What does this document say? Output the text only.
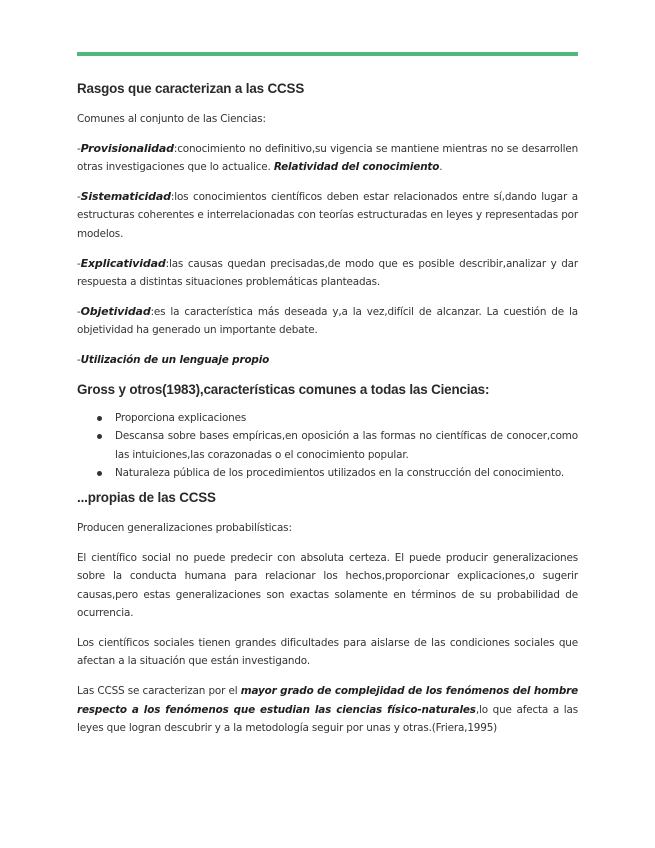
Rasgos que caracterizan a las CCSS

Comunes al conjunto de las Ciencias:

-Provisionalidad:conocimiento no definitivo,su vigencia se mantiene mientras no se desarrollen otras investigaciones que lo actualice. Relatividad del conocimiento.

-Sistematicidad:los conocimientos científicos deben estar relacionados entre sí,dando lugar a estructuras coherentes e interrelacionadas con teorías estructuradas en leyes y representadas por modelos.

-Explicatividad:las causas quedan precisadas,de modo que es posible describir,analizar y dar respuesta a distintas situaciones problemáticas planteadas.

-Objetividad:es la característica más deseada y,a la vez,difícil de alcanzar. La cuestión de la objetividad ha generado un importante debate.

-Utilización de un lenguaje propio

Gross y otros(1983),características comunes a todas las Ciencias:
Proporciona explicaciones
Descansa sobre bases empíricas,en oposición a las formas no científicas de conocer,como las intuiciones,las corazonadas o el conocimiento popular.
Naturaleza pública de los procedimientos utilizados en la construcción del conocimiento.
...propias de las CCSS

Producen generalizaciones probabilísticas:

El científico social no puede predecir con absoluta certeza. El puede producir generalizaciones sobre la conducta humana para relacionar los hechos,proporcionar explicaciones,o sugerir causas,pero estas generalizaciones son exactas solamente en términos de su probabilidad de ocurrencia.

Los científicos sociales tienen grandes dificultades para aislarse de las condiciones sociales que afectan a la situación que están investigando.

Las CCSS se caracterizan por el mayor grado de complejidad de los fenómenos del hombre respecto a los fenómenos que estudian las ciencias físico-naturales,lo que afecta a las leyes que logran descubrir y a la metodología seguir por unas y otras.(Friera,1995)
